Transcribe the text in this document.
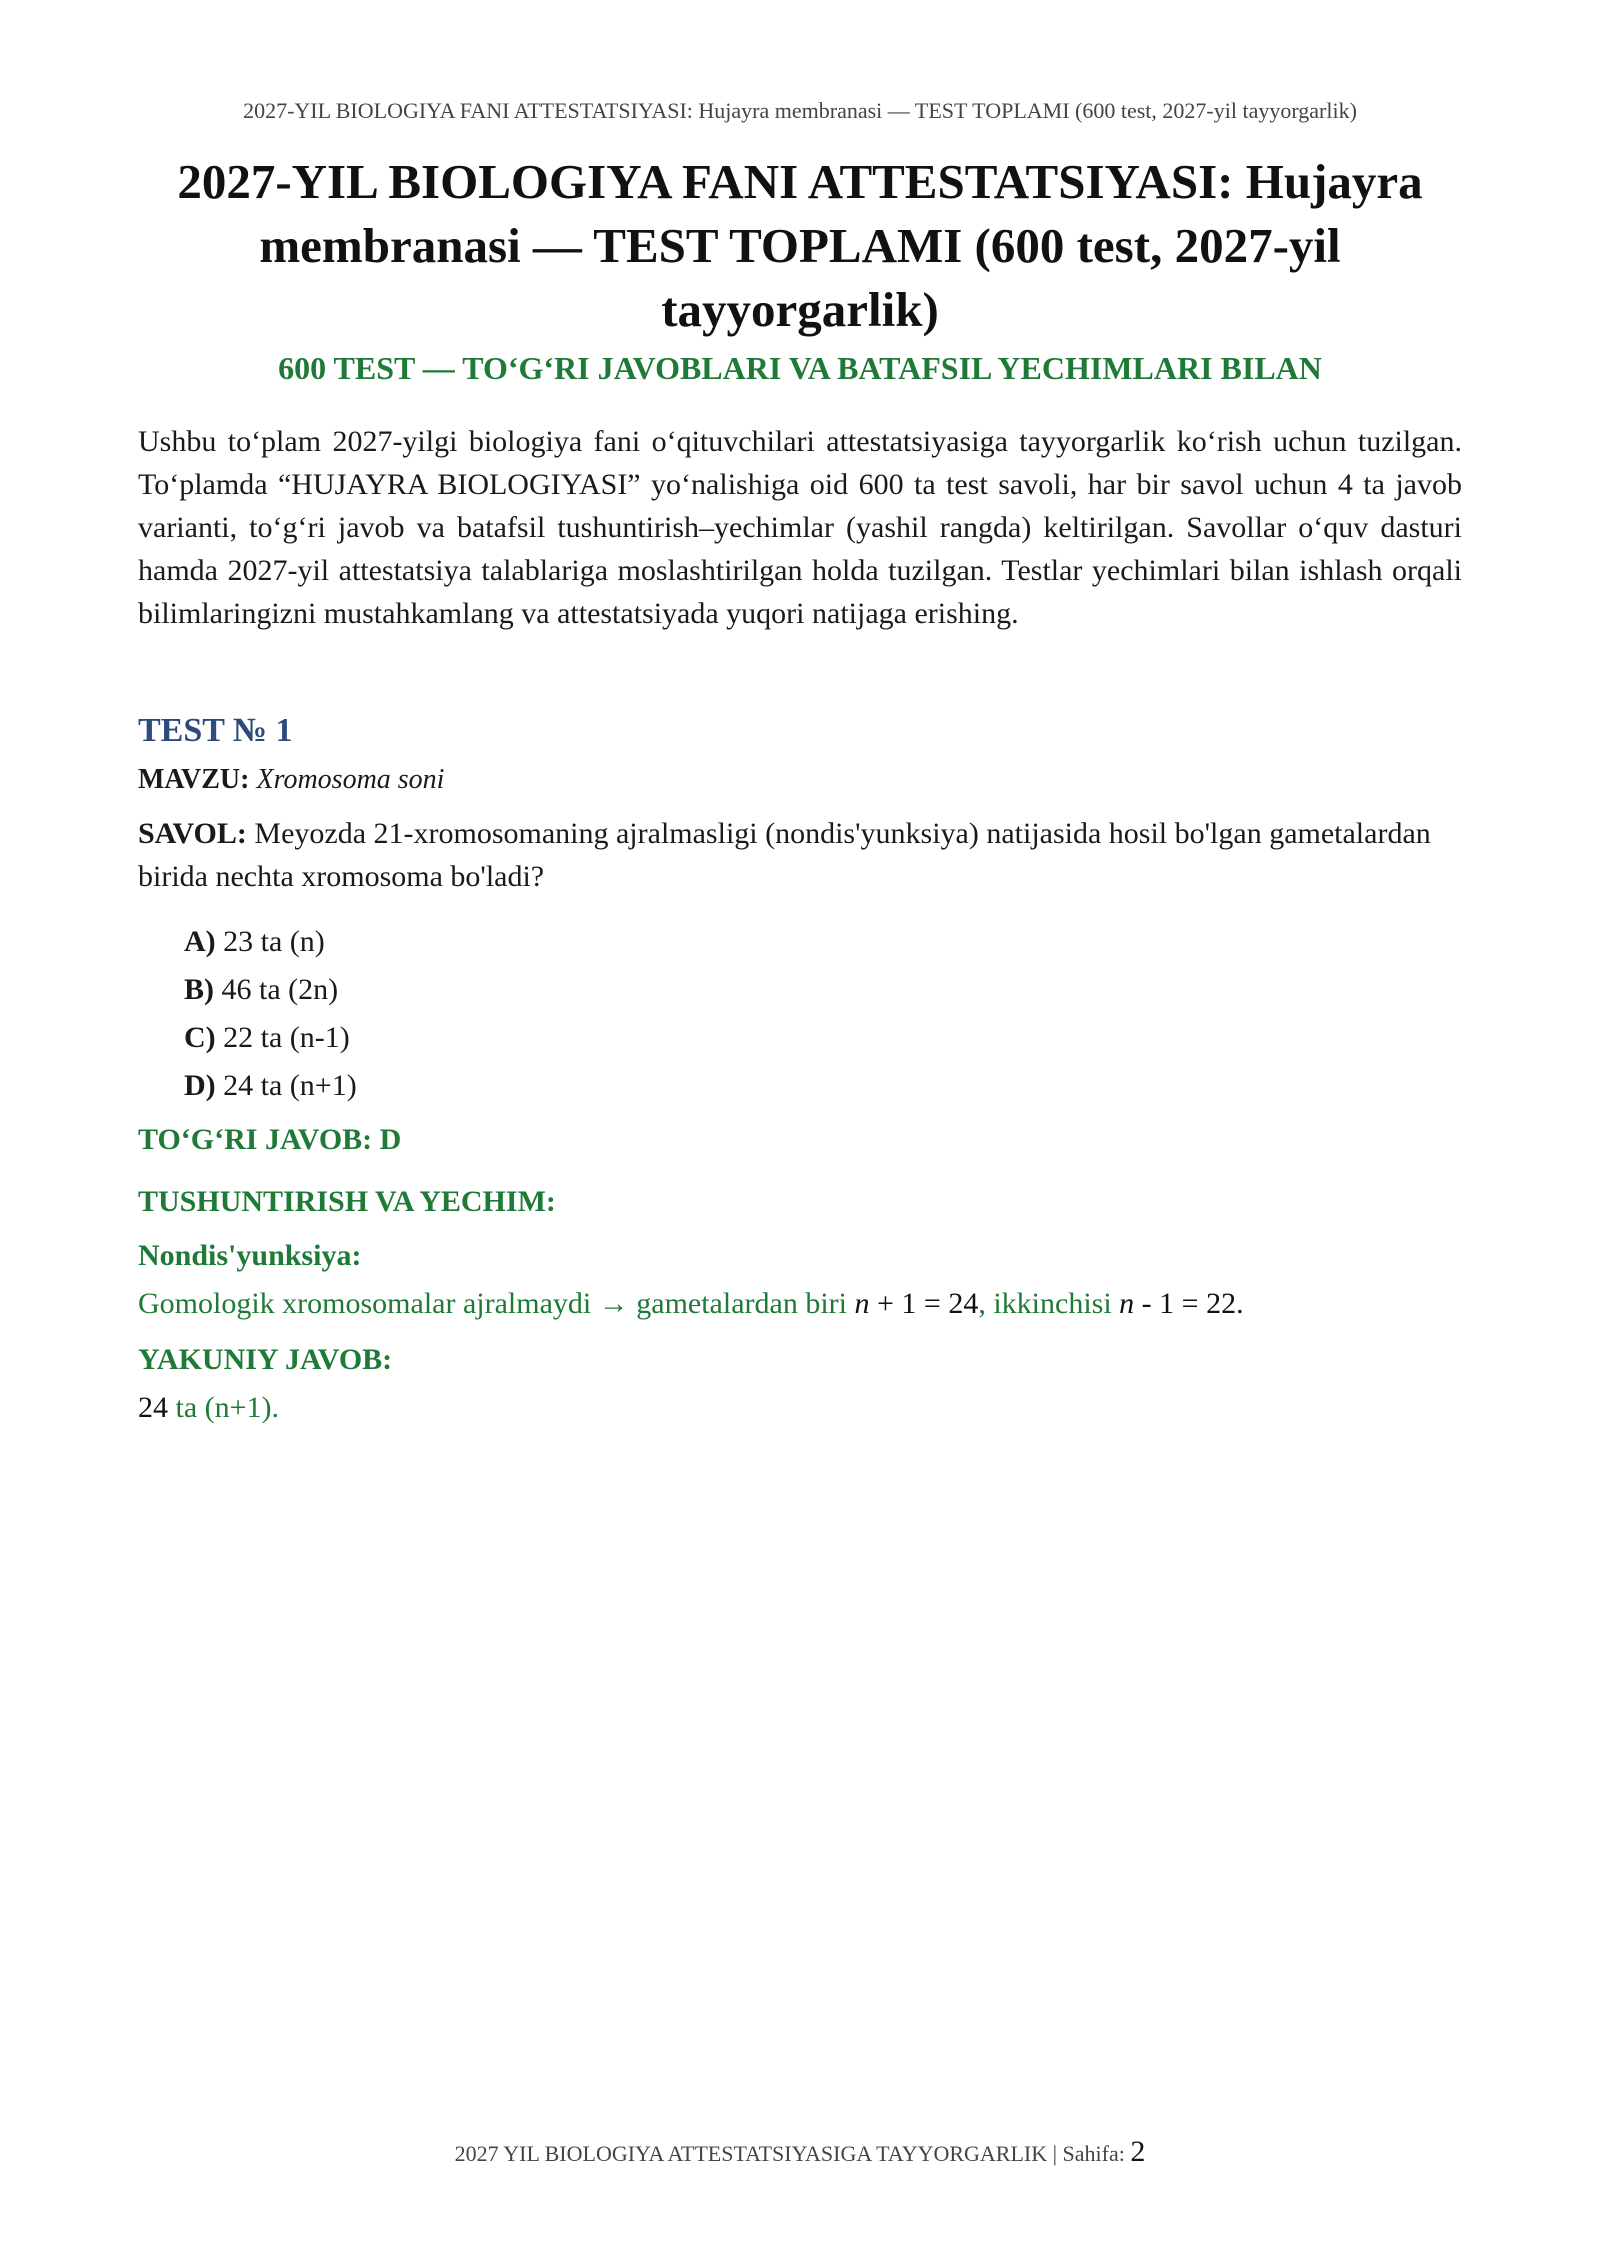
2027-YIL BIOLOGIYA FANI ATTESTATSIYASI: Hujayra membranasi — TEST TOPLAMI (600 test, 2027-yil tayyorgarlik)
2027-YIL BIOLOGIYA FANI ATTESTATSIYASI: Hujayra membranasi — TEST TOPLAMI (600 test, 2027-yil tayyorgarlik)
600 TEST — TO‘G‘RI JAVOBLARI VA BATAFSIL YECHIMLARI BILAN

Ushbu to‘plam 2027-yilgi biologiya fani o‘qituvchilari attestatsiyasiga tayyorgarlik ko‘rish uchun tuzilgan. To‘plamda “HUJAYRA BIOLOGIYASI” yo‘nalishiga oid 600 ta test savoli, har bir savol uchun 4 ta javob varianti, to‘g‘ri javob va batafsil tushuntirish–yechimlar (yashil rangda) keltirilgan. Savollar o‘quv dasturi hamda 2027-yil attestatsiya talablariga moslashtirilgan holda tuzilgan. Testlar yechimlari bilan ishlash orqali bilimlaringizni mustahkamlang va attestatsiyada yuqori natijaga erishing.

TEST № 1

MAVZU: Xromosoma soni

SAVOL: Meyozda 21-xromosomaning ajralmasligi (nondis'yunksiya) natijasida hosil bo'lgan gametalardan birida nechta xromosoma bo'ladi?

A) 23 ta (n)
B) 46 ta (2n)
C) 22 ta (n-1)
D) 24 ta (n+1)

TO‘G‘RI JAVOB: D

TUSHUNTIRISH VA YECHIM:

Nondis'yunksiya:

Gomologik xromosomalar ajralmaydi → gametalardan biri n + 1 = 24, ikkinchisi n - 1 = 22.

YAKUNIY JAVOB:

24 ta (n+1).

2027 YIL BIOLOGIYA ATTESTATSIYASIGA TAYYORGARLIK | Sahifa: 2
